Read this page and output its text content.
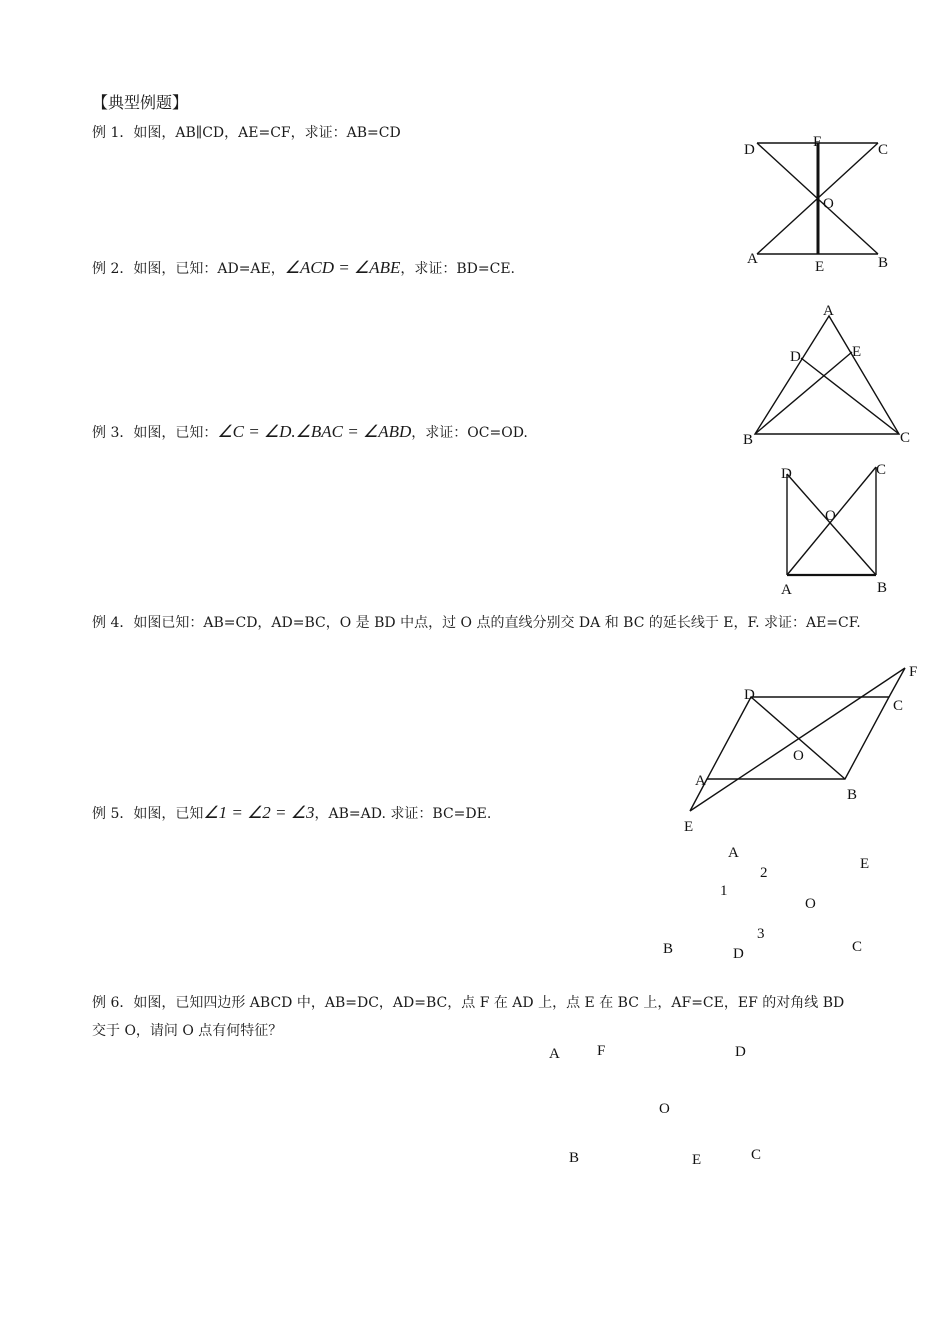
【典型例题】
例 1．如图，AB∥CD，AE=CF，求证：AB=CD
例 2．如图，已知：AD=AE，∠ACD = ∠ABE，求证：BD=CE.
例 3．如图，已知：∠C = ∠D.∠BAC = ∠ABD，求证：OC=OD.
例 4．如图已知：AB=CD，AD=BC，O 是 BD 中点，过 O 点的直线分别交 DA 和 BC 的延长线于 E，F. 求证：AE=CF.
例 5．如图，已知∠1 = ∠2 = ∠3，AB=AD. 求证：BC=DE.
例 6．如图，已知四边形 ABCD 中，AB=DC，AD=BC，点 F 在 AD 上，点 E 在 BC 上，AF=CE，EF 的对角线 BD
交于 O，请问 O 点有何特征？
D	F	C
O
A	E	B
A
D	E
B	C
D	C
O
A	B
F
D
C
O
A
B
E
A
2
E
1
O
3
B	D	C
A F	D
O
B	E	C
